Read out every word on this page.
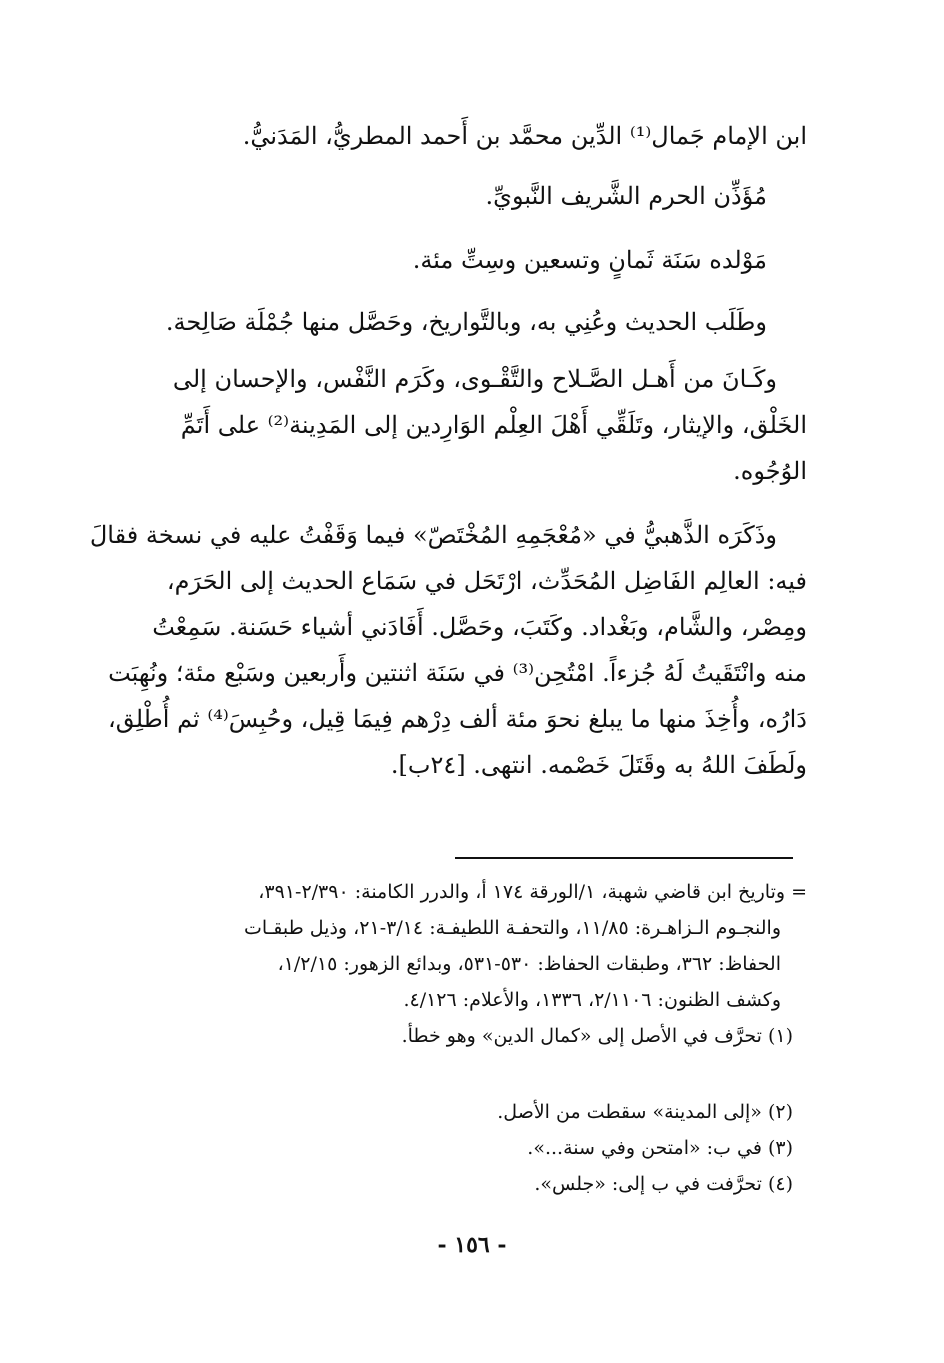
ابن الإمام جَمال⁽¹⁾ الدِّين محمَّد بن أَحمد المطريُّ، المَدَنيُّ.
مُؤَذِّن الحرم الشَّريف النَّبويِّ.
مَوْلده سَنَة ثَمانٍ وتسعين وسِتِّ مئة.
وطَلَب الحديث وعُنِي به، وبالتَّواريخ، وحَصَّل منها جُمْلَة صَالِحة.
وكَـانَ من أَهـل الصَّـلاح والتَّقْـوى، وكَرَم النَّفْس، والإحسان إلى
الخَلْق، والإيثار، وتَلَقِّي أَهْلَ العِلْم الوَارِدين إلى المَدِينة⁽²⁾ على أَتَمِّ
الوُجُوه.
وذَكَرَه الذَّهبيُّ في «مُعْجَمِهِ المُخْتَصّ» فيما وَقَفْتُ عليه في نسخة فقالَ
فيه: العالِم الفَاضِل المُحَدِّث، ارْتَحَل في سَمَاع الحديث إلى الحَرَم،
ومِصْر، والشَّام، وبَغْداد. وكَتَبَ، وحَصَّل. أَفَادَني أشياء حَسَنة. سَمِعْتُ
منه وانْتَقَيتُ لَهُ جُزءاً. امْتُحِن⁽³⁾ في سَنَة اثنتين وأَربعين وسَبْع مئة؛ ونُهِبَت
دَارُه، وأُخِذَ منها ما يبلغ نحوَ مئة ألف دِرْهم فِيمَا قِيل، وحُبِسَ⁽⁴⁾ ثم أُطْلِق،
ولَطَفَ اللهُ به وقَتَلَ خَصْمه. انتهى. [٢٤ب].
= وتاريخ ابن قاضي شهبة، ١/الورقة ١٧٤ أ، والدرر الكامنة: ٢/٣٩٠-٣٩١،
والنجـوم الـزاهـرة: ١١/٨٥، والتحفـة اللطيفـة: ٣/١٤-٢١، وذيل طبقـات
الحفاظ: ٣٦٢، وطبقات الحفاظ: ٥٣٠-٥٣١، وبدائع الزهور: ١/٢/١٥،
وكشف الظنون: ٢/١١٠٦، ١٣٣٦، والأعلام: ٤/١٢٦.
(١) تحرَّف في الأصل إلى «كمال الدين» وهو خطأ.
(٢) «إلى المدينة» سقطت من الأصل.
(٣) في ب: «امتحن وفي سنة...».
(٤) تحرَّفت في ب إلى: «جلس».
- ١٥٦ -
